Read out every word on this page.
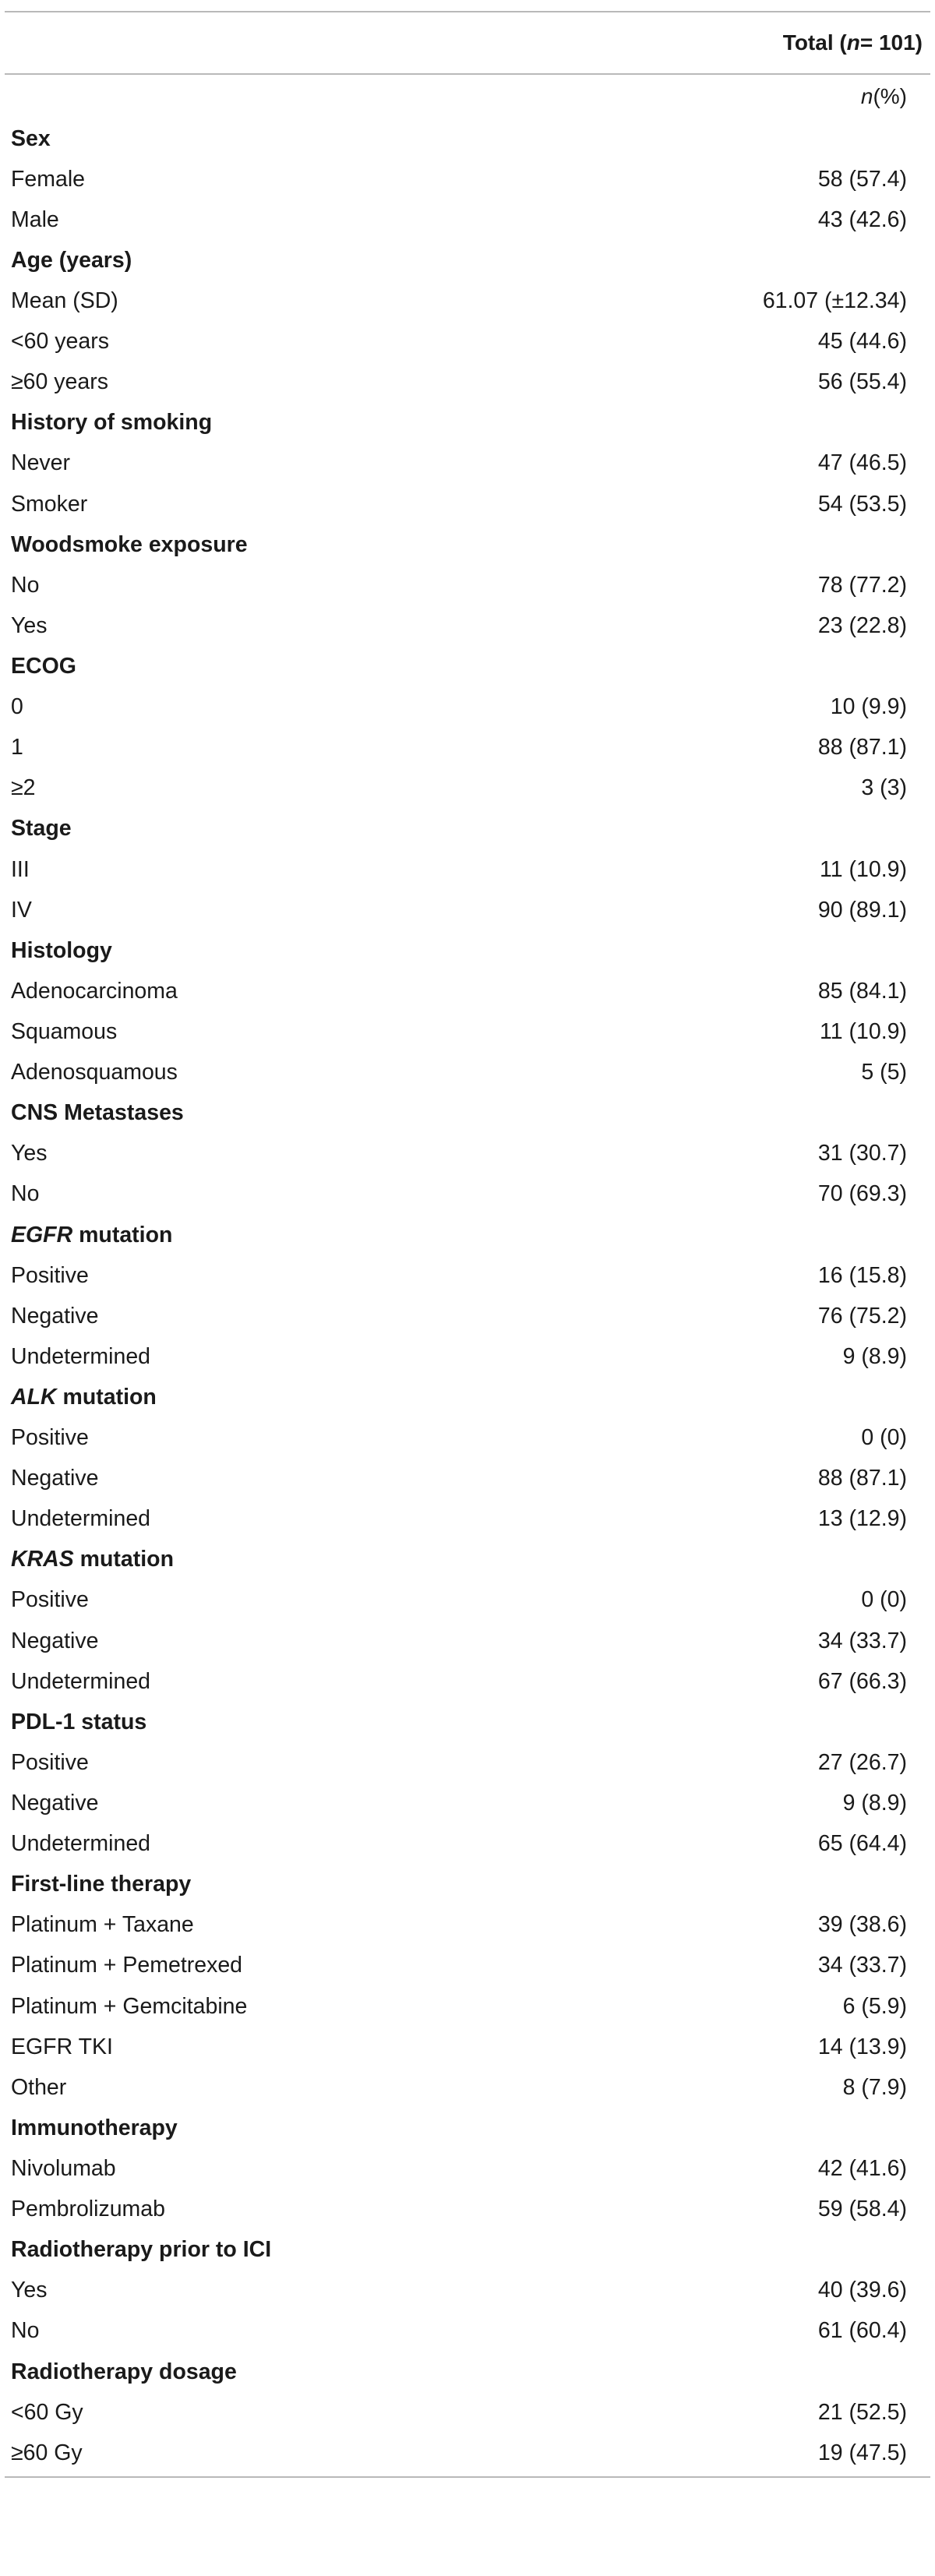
Total ( n = 101)
n (%)
Sex
Female	58 (57.4)
Male	43 (42.6)
Age (years)
Mean (SD)	61.07 (±12.34)
<60 years	45 (44.6)
≥60 years	56 (55.4)
History of smoking
Never	47 (46.5)
Smoker	54 (53.5)
Woodsmoke exposure
No	78 (77.2)
Yes	23 (22.8)
ECOG
0	10 (9.9)
1	88 (87.1)
≥2	3 (3)
Stage
III	11 (10.9)
IV	90 (89.1)
Histology
Adenocarcinoma	85 (84.1)
Squamous	11 (10.9)
Adenosquamous	5 (5)
CNS Metastases
Yes	31 (30.7)
No	70 (69.3)
EGFR mutation
Positive	16 (15.8)
Negative	76 (75.2)
Undetermined	9 (8.9)
ALK mutation
Positive	0 (0)
Negative	88 (87.1)
Undetermined	13 (12.9)
KRAS mutation
Positive	0 (0)
Negative	34 (33.7)
Undetermined	67 (66.3)
PDL-1 status
Positive	27 (26.7)
Negative	9 (8.9)
Undetermined	65 (64.4)
First-line therapy
Platinum + Taxane	39 (38.6)
Platinum + Pemetrexed	34 (33.7)
Platinum + Gemcitabine	6 (5.9)
EGFR TKI	14 (13.9)
Other	8 (7.9)
Immunotherapy
Nivolumab	42 (41.6)
Pembrolizumab	59 (58.4)
Radiotherapy prior to ICI
Yes	40 (39.6)
No	61 (60.4)
Radiotherapy dosage
<60 Gy	21 (52.5)
≥60 Gy	19 (47.5)
